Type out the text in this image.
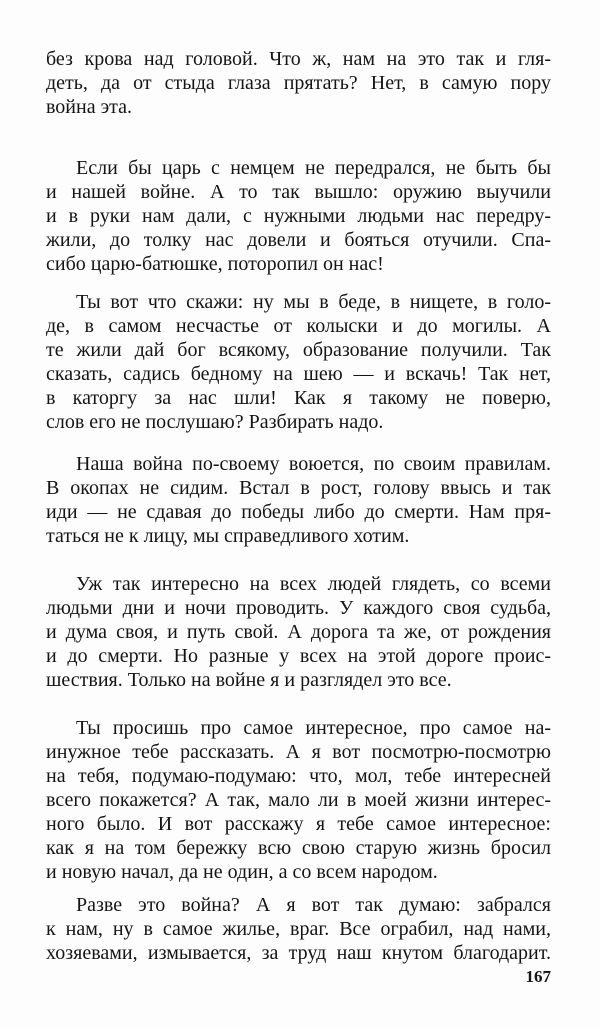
без крова над головой. Что ж, нам на это так и гля-

деть, да от стыда глаза прятать? Нет, в самую пору

война эта.

Если бы царь с немцем не передрался, не быть бы

и нашей войне. А то так вышло: оружию выучили

и в руки нам дали, с нужными людьми нас передру-

жили, до толку нас довели и бояться отучили. Спа-

сибо царю-батюшке, поторопил он нас!

Ты вот что скажи: ну мы в беде, в нищете, в голо-

де, в самом несчастье от колыски и до могилы. А

те жили дай бог всякому, образование получили. Так

сказать, садись бедному на шею — и вскачь! Так нет,

в каторгу за нас шли! Как я такому не поверю,

слов его не послушаю? Разбирать надо.

Наша война по-своему воюется, по своим правилам.

В окопах не сидим. Встал в рост, голову ввысь и так

иди — не сдавая до победы либо до смерти. Нам пря-

таться не к лицу, мы справедливого хотим.

Уж так интересно на всех людей глядеть, со всеми

людьми дни и ночи проводить. У каждого своя судьба,

и дума своя, и путь свой. А дорога та же, от рождения

и до смерти. Но разные у всех на этой дороге проис-

шествия. Только на войне я и разглядел это все.

Ты просишь про самое интересное, про самое на-

инужное тебе рассказать. А я вот посмотрю-посмотрю

на тебя, подумаю-подумаю: что, мол, тебе интересней

всего покажется? А так, мало ли в моей жизни интерес-

ного было. И вот расскажу я тебе самое интересное:

как я на том бережку всю свою старую жизнь бросил

и новую начал, да не один, а со всем народом.

Разве это война? А я вот так думаю: забрался

к нам, ну в самое жилье, враг. Все ограбил, над нами,

хозяевами, измывается, за труд наш кнутом благодарит.

167
